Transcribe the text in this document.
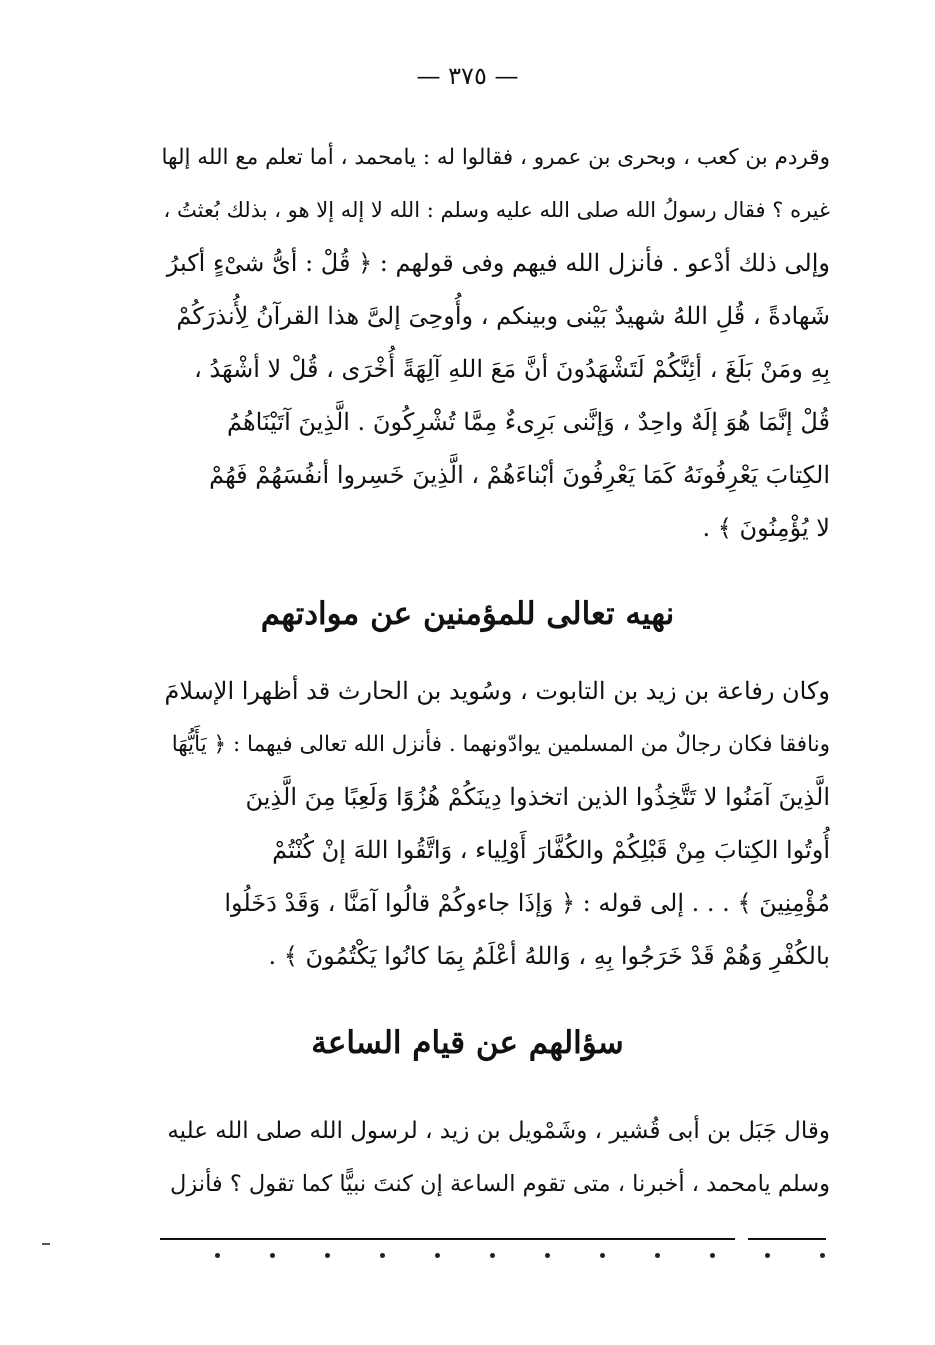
— ٣٧٥ —
وقردم بن كعب ، وبحرى بن عمرو ، فقالوا له : يامحمد ، أما تعلم مع الله إلها
غيره ؟ فقال رسولُ الله صلى الله عليه وسلم : الله لا إله إلا هو ، بذلك بُعثتُ ،
وإلى ذلك أدْعو . فأنزل الله فيهم وفى قولهم : ﴿ قُلْ : أىُّ شىْءٍ أكبرُ
شَهادةً ، قُلِ اللهُ شهيدٌ بَيْنى وبينكم ، وأُوحِىَ إلىَّ هذا القرآنُ لِأُنذرَكُمْ
بِهِ ومَنْ بَلَغَ ، أئِنَّكُمْ لَتَشْهَدُونَ أنَّ مَعَ اللهِ آلِهَةً أُخْرَى ، قُلْ لا أشْهَدُ ،
قُلْ إنَّمَا هُوَ إلَهٌ واحِدٌ ، وَإنَّنى بَرِىءٌ مِمَّا تُشْرِكُونَ . الَّذِينَ آتَيْنَاهُمُ
الكِتابَ يَعْرِفُونَهُ كَمَا يَعْرِفُونَ أبْناءَهُمْ ، الَّذِينَ خَسِروا أنفُسَهُمْ فَهُمْ
لا يُؤْمِنُونَ ﴾ .
نهيه تعالى للمؤمنين عن موادتهم
وكان رفاعة بن زيد بن التابوت ، وسُويد بن الحارث قد أظهرا الإسلامَ
ونافقا فكان رجالٌ من المسلمين يوادّونهما . فأنزل الله تعالى فيهما : ﴿ يَأَيُّهَا
الَّذِينَ آمَنُوا لا تَتَّخِذُوا الذين اتخذوا دِينَكُمْ هُزُوًا وَلَعِبًا مِنَ الَّذِينَ
أُوتُوا الكِتابَ مِنْ قَبْلِكُمْ والكُفَّارَ أَوْلِياء ، وَاتَّقُوا اللهَ إنْ كُنْتُمْ
مُؤْمِنِينَ ﴾ . . . إلى قوله : ﴿ وَإذَا جاءوكُمْ قالُوا آمَنَّا ، وَقَدْ دَخَلُوا
بالكُفْرِ وَهُمْ قَدْ خَرَجُوا بِهِ ، وَاللهُ أعْلَمُ بِمَا كانُوا يَكْتُمُونَ ﴾ .
سؤالهم عن قيام الساعة
وقال جَبَل بن أبى قُشير ، وشَمْويل بن زيد ، لرسول الله صلى الله عليه
وسلم يامحمد ، أخبرنا ، متى تقوم الساعة إن كنتَ نبيًّا كما تقول ؟ فأنزل
